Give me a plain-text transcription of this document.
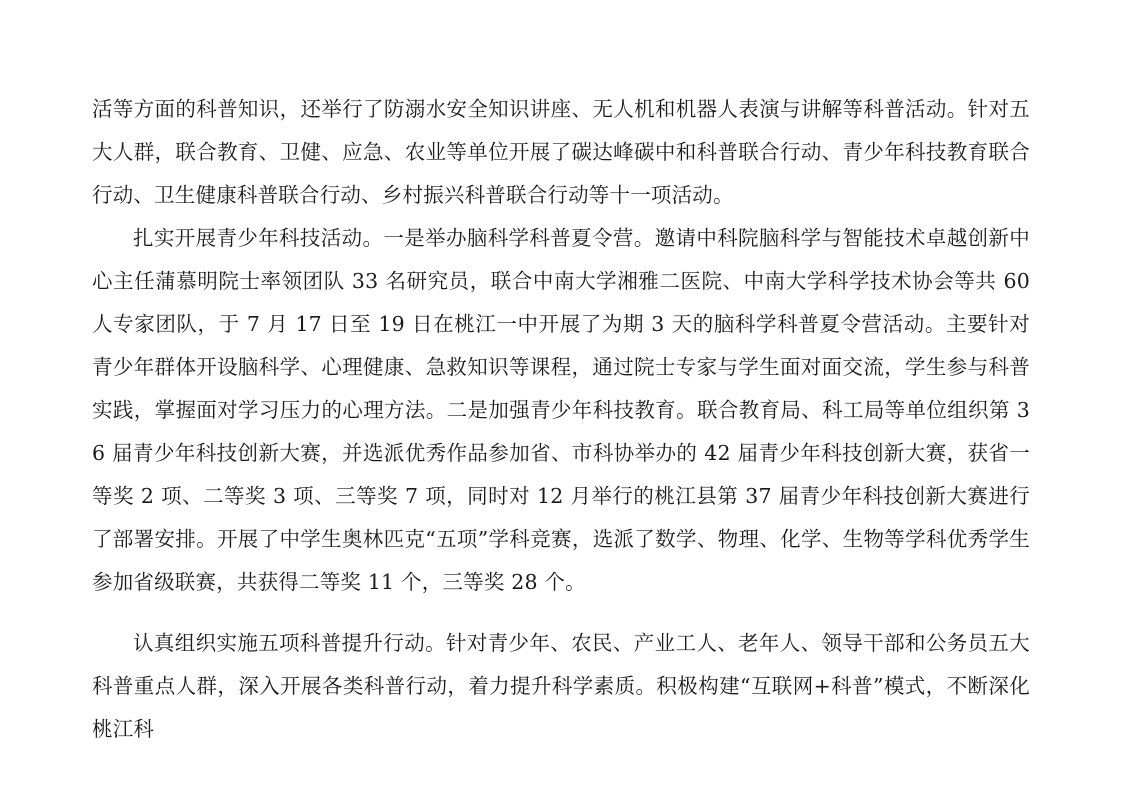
活等方面的科普知识，还举行了防溺水安全知识讲座、无人机和机器人表演与讲解等科普活动。针对五大人群，联合教育、卫健、应急、农业等单位开展了碳达峰碳中和科普联合行动、青少年科技教育联合行动、卫生健康科普联合行动、乡村振兴科普联合行动等十一项活动。

扎实开展青少年科技活动。一是举办脑科学科普夏令营。邀请中科院脑科学与智能技术卓越创新中心主任蒲慕明院士率领团队 33 名研究员，联合中南大学湘雅二医院、中南大学科学技术协会等共 60 人专家团队，于 7 月 17 日至 19 日在桃江一中开展了为期 3 天的脑科学科普夏令营活动。主要针对青少年群体开设脑科学、心理健康、急救知识等课程，通过院士专家与学生面对面交流，学生参与科普实践，掌握面对学习压力的心理方法。二是加强青少年科技教育。联合教育局、科工局等单位组织第 36 届青少年科技创新大赛，并选派优秀作品参加省、市科协举办的 42 届青少年科技创新大赛，获省一等奖 2 项、二等奖 3 项、三等奖 7 项，同时对 12 月举行的桃江县第 37 届青少年科技创新大赛进行了部署安排。开展了中学生奥林匹克“五项”学科竞赛，选派了数学、物理、化学、生物等学科优秀学生参加省级联赛，共获得二等奖 11 个，三等奖 28 个。

认真组织实施五项科普提升行动。针对青少年、农民、产业工人、老年人、领导干部和公务员五大科普重点人群，深入开展各类科普行动，着力提升科学素质。积极构建“互联网+科普”模式，不断深化桃江科
